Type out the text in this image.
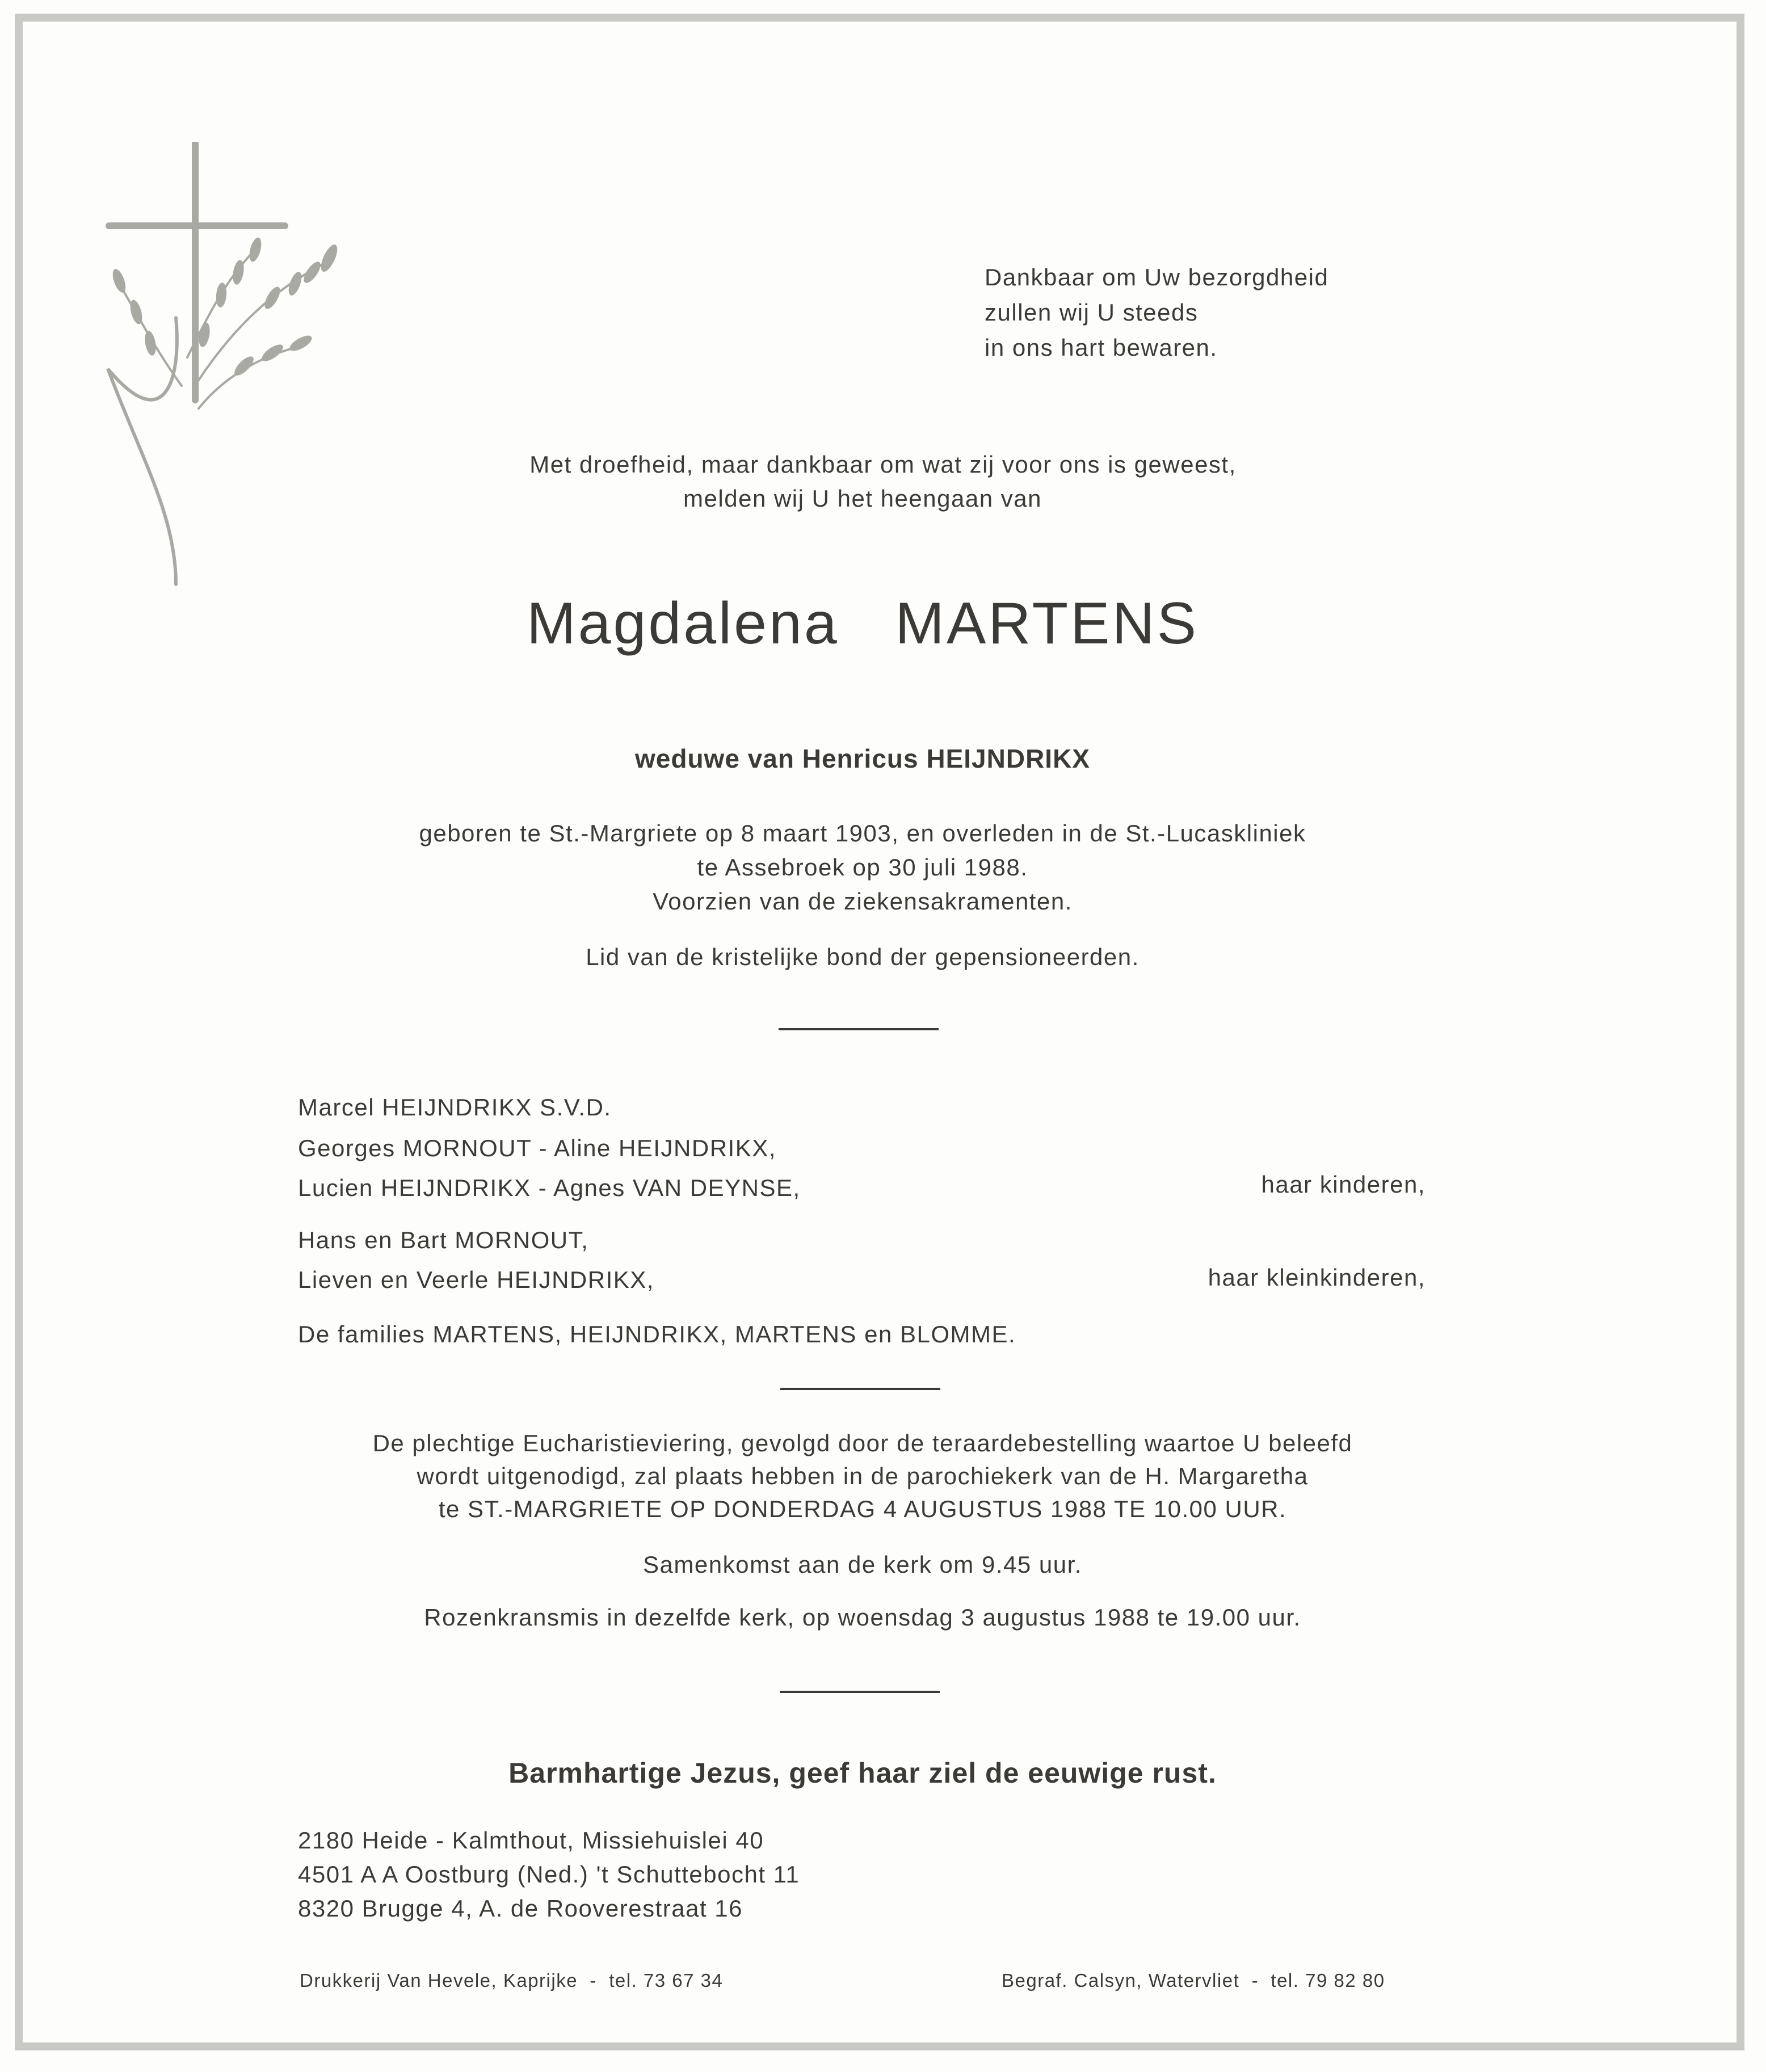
Dankbaar om Uw bezorgdheid
zullen wij U steeds
in ons hart bewaren.
Met droefheid, maar dankbaar om wat zij voor ons is geweest,
melden wij U het heengaan van
Magdalena   MARTENS
weduwe van Henricus HEIJNDRIKX
geboren te St.-Margriete op 8 maart 1903, en overleden in de St.-Lucaskliniek
te Assebroek op 30 juli 1988.
Voorzien van de ziekensakramenten.
Lid van de kristelijke bond der gepensioneerden.
Marcel HEIJNDRIKX S.V.D.
Georges MORNOUT - Aline HEIJNDRIKX,
Lucien HEIJNDRIKX - Agnes VAN DEYNSE,	haar kinderen,
Hans en Bart MORNOUT,
Lieven en Veerle HEIJNDRIKX,	haar kleinkinderen,
De families MARTENS, HEIJNDRIKX, MARTENS en BLOMME.
De plechtige Eucharistieviering, gevolgd door de teraardebestelling waartoe U beleefd
wordt uitgenodigd, zal plaats hebben in de parochiekerk van de H. Margaretha
te ST.-MARGRIETE OP DONDERDAG 4 AUGUSTUS 1988 TE 10.00 UUR.
Samenkomst aan de kerk om 9.45 uur.
Rozenkransmis in dezelfde kerk, op woensdag 3 augustus 1988 te 19.00 uur.
Barmhartige Jezus, geef haar ziel de eeuwige rust.
2180 Heide - Kalmthout, Missiehuislei 40
4501 A A Oostburg (Ned.) 't Schuttebocht 11
8320 Brugge 4, A. de Rooverestraat 16
Drukkerij Van Hevele, Kaprijke  -  tel. 73 67 34	Begraf. Calsyn, Watervliet  -  tel. 79 82 80
